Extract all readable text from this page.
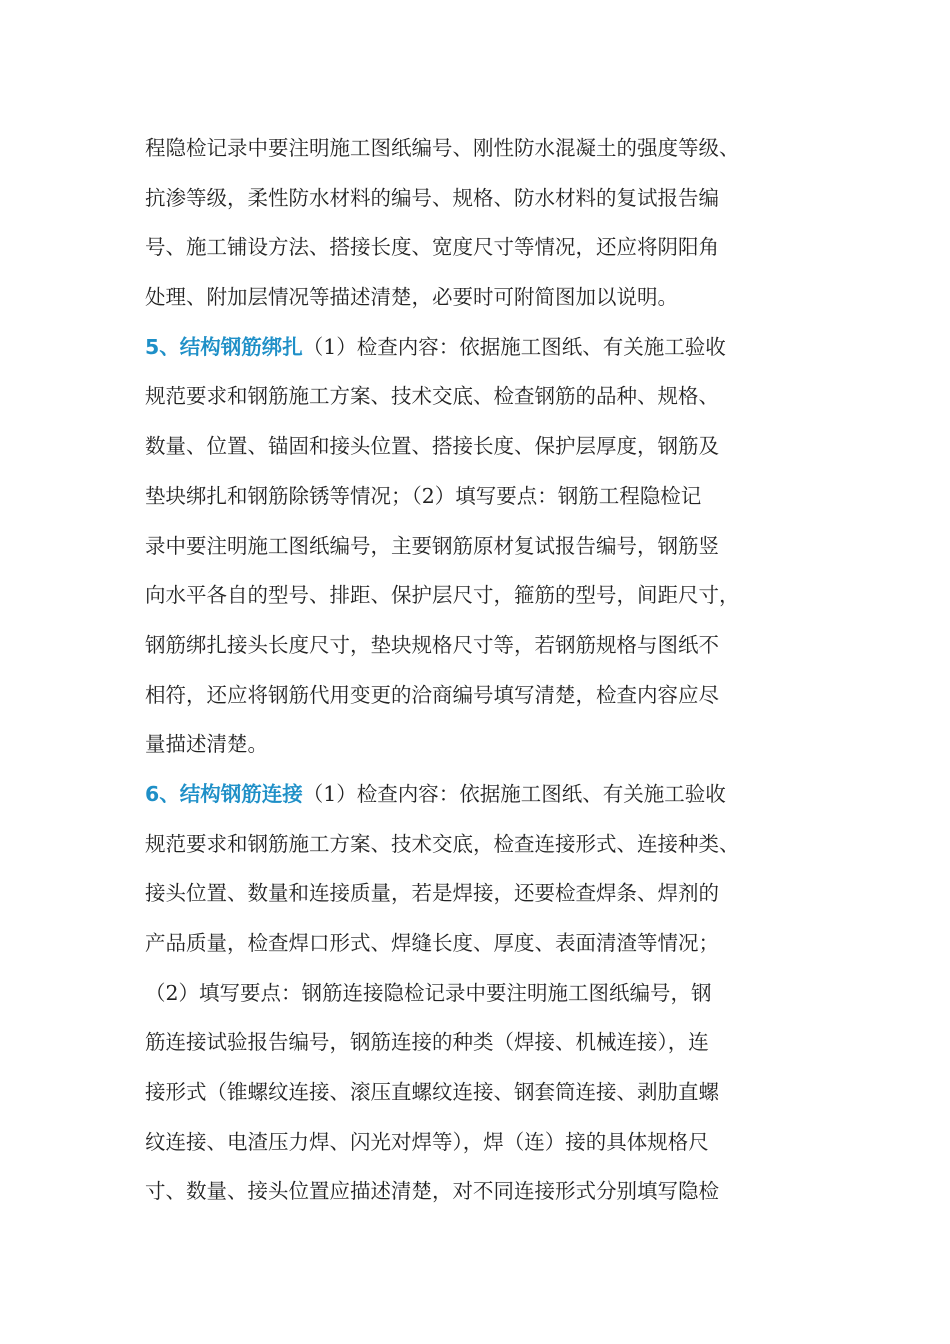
程隐检记录中要注明施工图纸编号、刚性防水混凝土的强度等级、
抗渗等级，柔性防水材料的编号、规格、防水材料的复试报告编
号、施工铺设方法、搭接长度、宽度尺寸等情况，还应将阴阳角
处理、附加层情况等描述清楚，必要时可附简图加以说明。
5、结构钢筋绑扎（1）检查内容：依据施工图纸、有关施工验收
规范要求和钢筋施工方案、技术交底、检查钢筋的品种、规格、
数量、位置、锚固和接头位置、搭接长度、保护层厚度，钢筋及
垫块绑扎和钢筋除锈等情况；（2）填写要点：钢筋工程隐检记
录中要注明施工图纸编号，主要钢筋原材复试报告编号，钢筋竖
向水平各自的型号、排距、保护层尺寸，箍筋的型号，间距尺寸，
钢筋绑扎接头长度尺寸，垫块规格尺寸等，若钢筋规格与图纸不
相符，还应将钢筋代用变更的洽商编号填写清楚，检查内容应尽
量描述清楚。
6、结构钢筋连接（1）检查内容：依据施工图纸、有关施工验收
规范要求和钢筋施工方案、技术交底，检查连接形式、连接种类、
接头位置、数量和连接质量，若是焊接，还要检查焊条、焊剂的
产品质量，检查焊口形式、焊缝长度、厚度、表面清渣等情况；
（2）填写要点：钢筋连接隐检记录中要注明施工图纸编号，钢
筋连接试验报告编号，钢筋连接的种类（焊接、机械连接），连
接形式（锥螺纹连接、滚压直螺纹连接、钢套筒连接、剥肋直螺
纹连接、电渣压力焊、闪光对焊等），焊（连）接的具体规格尺
寸、数量、接头位置应描述清楚，对不同连接形式分别填写隐检
